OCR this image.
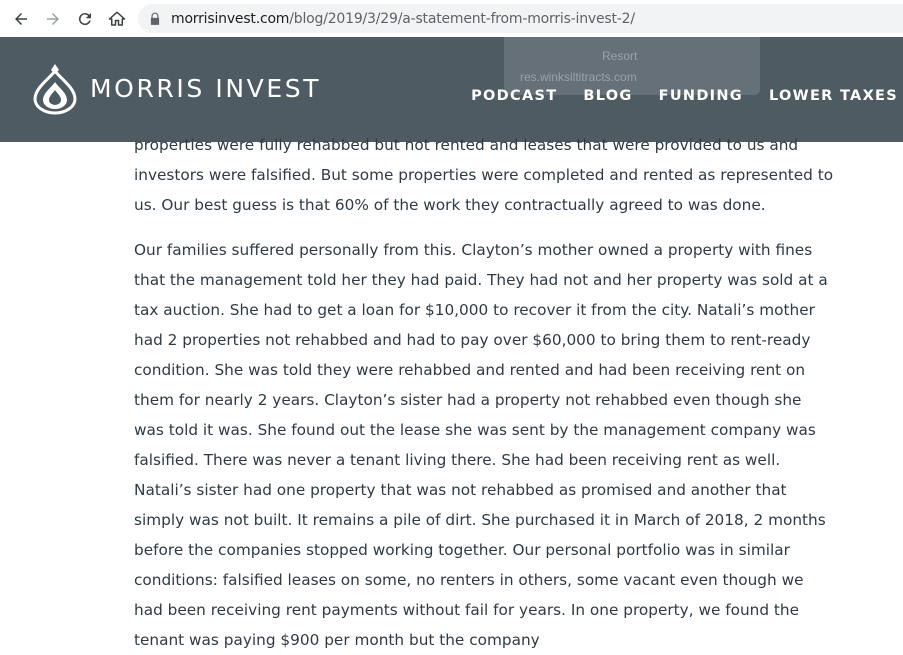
morrisinvest.com/blog/2019/3/29/a-statement-from-morris-invest-2/
Resort
res.winksiltitracts.com
MORRIS INVEST	PODCAST BLOG FUNDING LOWER TAXES

properties were fully rehabbed but not rented and leases that were provided to us and investors were falsified. But some properties were completed and rented as represented to us. Our best guess is that 60% of the work they contractually agreed to was done.

Our families suffered personally from this. Clayton’s mother owned a property with fines that the management told her they had paid. They had not and her property was sold at a tax auction. She had to get a loan for $10,000 to recover it from the city. Natali’s mother had 2 properties not rehabbed and had to pay over $60,000 to bring them to rent-ready condition. She was told they were rehabbed and rented and had been receiving rent on them for nearly 2 years. Clayton’s sister had a property not rehabbed even though she was told it was. She found out the lease she was sent by the management company was falsified. There was never a tenant living there. She had been receiving rent as well. Natali’s sister had one property that was not rehabbed as promised and another that simply was not built. It remains a pile of dirt. She purchased it in March of 2018, 2 months before the companies stopped working together. Our personal portfolio was in similar conditions: falsified leases on some, no renters in others, some vacant even though we had been receiving rent payments without fail for years. In one property, we found the tenant was paying $900 per month but the company
